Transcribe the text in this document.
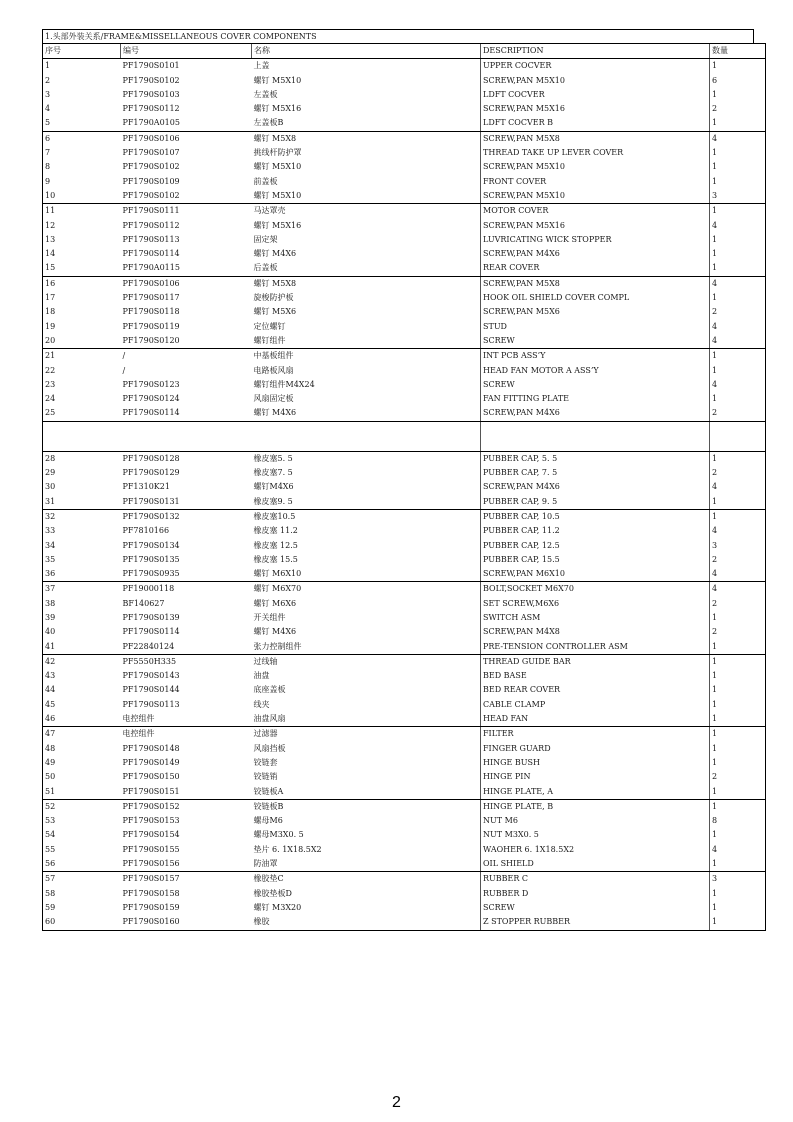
1.头部外装关系/FRAME&MISSELLANEOUS COVER COMPONENTS
序号	编号	名称	DESCRIPTION	数量
1	PF1790S0101	上盖	UPPER COCVER	1
2	PF1790S0102	螺钉 M5X10	SCREW,PAN M5X10	6
3	PF1790S0103	左盖板	LDFT COCVER	1
4	PF1790S0112	螺钉 M5X16	SCREW,PAN M5X16	2
5	PF1790A0105	左盖板B	LDFT COCVER B	1
6	PF1790S0106	螺钉 M5X8	SCREW,PAN M5X8	4
7	PF1790S0107	挑线杆防护罩	THREAD TAKE UP LEVER COVER	1
8	PF1790S0102	螺钉 M5X10	SCREW,PAN M5X10	1
9	PF1790S0109	前盖板	FRONT COVER	1
10	PF1790S0102	螺钉 M5X10	SCREW,PAN M5X10	3
11	PF1790S0111	马达罩壳	MOTOR COVER	1
12	PF1790S0112	螺钉 M5X16	SCREW,PAN M5X16	4
13	PF1790S0113	固定架	LUVRICATING WICK STOPPER	1
14	PF1790S0114	螺钉 M4X6	SCREW,PAN M4X6	1
15	PF1790A0115	后盖板	REAR COVER	1
16	PF1790S0106	螺钉 M5X8	SCREW,PAN M5X8	4
17	PF1790S0117	旋梭防护板	HOOK OIL SHIELD COVER COMPL	1
18	PF1790S0118	螺钉 M5X6	SCREW,PAN M5X6	2
19	PF1790S0119	定位螺钉	STUD	4
20	PF1790S0120	螺钉组件	SCREW	4
21	/	中基板组件	INT PCB ASS’Y	1
22	/	电路板风扇	HEAD FAN MOTOR A ASS’Y	1
23	PF1790S0123	螺钉组件M4X24	SCREW	4
24	PF1790S0124	风扇固定板	FAN FITTING PLATE	1
25	PF1790S0114	螺钉 M4X6	SCREW,PAN M4X6	2

28	PF1790S0128	橡皮塞5. 5	PUBBER CAP, 5. 5	1
29	PF1790S0129	橡皮塞7. 5	PUBBER CAP, 7. 5	2
30	PF1310K21	螺钉M4X6	SCREW,PAN M4X6	4
31	PF1790S0131	橡皮塞9. 5	PUBBER CAP, 9. 5	1
32	PF1790S0132	橡皮塞10.5	PUBBER CAP, 10.5	1
33	PF7810166	橡皮塞 11.2	PUBBER CAP, 11.2	4
34	PF1790S0134	橡皮塞 12.5	PUBBER CAP, 12.5	3
35	PF1790S0135	橡皮塞 15.5	PUBBER CAP, 15.5	2
36	PF1790S0935	螺钉 M6X10	SCREW,PAN M6X10	4
37	PF19000118	螺钉 M6X70	BOLT,SOCKET M6X70	4
38	BF140627	螺钉 M6X6	SET SCREW,M6X6	2
39	PF1790S0139	开关组件	SWITCH ASM	1
40	PF1790S0114	螺钉 M4X6	SCREW,PAN M4X8	2
41	PF22840124	张力控制组件	PRE-TENSION CONTROLLER ASM	1
42	PF5550H335	过线轴	THREAD GUIDE BAR	1
43	PF1790S0143	油盘	BED BASE	1
44	PF1790S0144	底座盖板	BED REAR COVER	1
45	PF1790S0113	线夹	CABLE CLAMP	1
46	电控组件	油盘风扇	HEAD FAN	1
47	电控组件	过滤器	FILTER	1
48	PF1790S0148	风扇挡板	FINGER GUARD	1
49	PF1790S0149	铰链套	HINGE BUSH	1
50	PF1790S0150	铰链销	HINGE PIN	2
51	PF1790S0151	铰链板A	HINGE PLATE, A	1
52	PF1790S0152	铰链板B	HINGE PLATE, B	1
53	PF1790S0153	螺母M6	NUT M6	8
54	PF1790S0154	螺母M3X0. 5	NUT M3X0. 5	1
55	PF1790S0155	垫片 6. 1X18.5X2	WAOHER 6. 1X18.5X2	4
56	PF1790S0156	防油罩	OIL SHIELD	1
57	PF1790S0157	橡胶垫C	RUBBER C	3
58	PF1790S0158	橡胶垫板D	RUBBER D	1
59	PF1790S0159	螺钉 M3X20	SCREW	1
60	PF1790S0160	橡胶	Z STOPPER RUBBER	1
2
